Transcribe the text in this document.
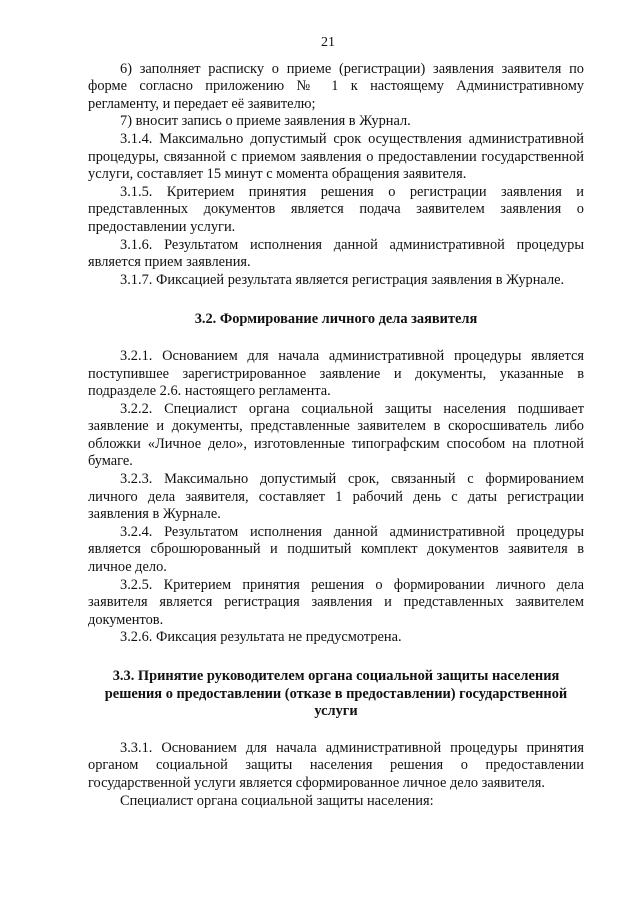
21

6) заполняет расписку о приеме (регистрации) заявления заявителя по форме согласно приложению № 1 к настоящему Административному регламенту, и передает её заявителю;

7) вносит запись о приеме заявления в Журнал.

3.1.4. Максимально допустимый срок осуществления административной процедуры, связанной с приемом заявления о предоставлении государственной услуги, составляет 15 минут с момента обращения заявителя.

3.1.5. Критерием принятия решения о регистрации заявления и представленных документов является подача заявителем заявления о предоставлении услуги.

3.1.6. Результатом исполнения данной административной процедуры является прием заявления.

3.1.7. Фиксацией результата является регистрация заявления в Журнале.

3.2. Формирование личного дела заявителя

3.2.1. Основанием для начала административной процедуры является поступившее зарегистрированное заявление и документы, указанные в подразделе 2.6. настоящего регламента.

3.2.2. Специалист органа социальной защиты населения подшивает заявление и документы, представленные заявителем в скоросшиватель либо обложки «Личное дело», изготовленные типографским способом на плотной бумаге.

3.2.3. Максимально допустимый срок, связанный с формированием личного дела заявителя, составляет 1 рабочий день с даты регистрации заявления в Журнале.

3.2.4. Результатом исполнения данной административной процедуры является сброшюрованный и подшитый комплект документов заявителя в личное дело.

3.2.5. Критерием принятия решения о формировании личного дела заявителя является регистрация заявления и представленных заявителем документов.

3.2.6. Фиксация результата не предусмотрена.

3.3. Принятие руководителем органа социальной защиты населения решения о предоставлении (отказе в предоставлении) государственной услуги

3.3.1. Основанием для начала административной процедуры принятия органом социальной защиты населения решения о предоставлении государственной услуги является сформированное личное дело заявителя.

Специалист органа социальной защиты населения:
